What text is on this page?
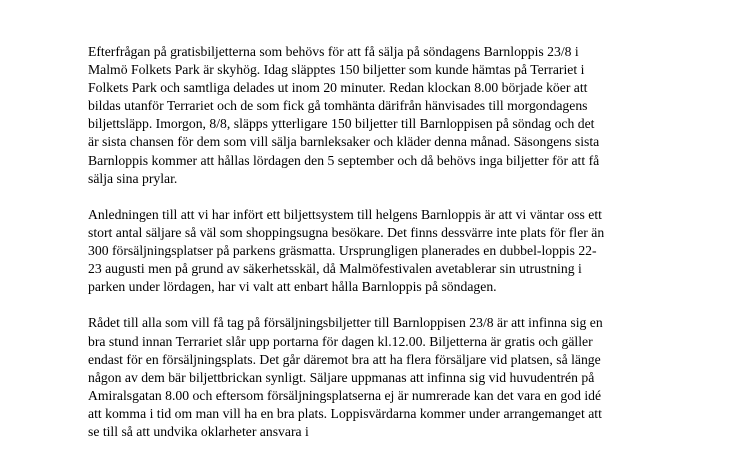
Efterfrågan på gratisbiljetterna som behövs för att få sälja på söndagens Barnloppis 23/8 i
Malmö Folkets Park är skyhög. Idag släpptes 150 biljetter som kunde hämtas på Terrariet i
Folkets Park och samtliga delades ut inom 20 minuter. Redan klockan 8.00 började köer att
bildas utanför Terrariet och de som fick gå tomhänta därifrån hänvisades till morgondagens
biljettsläpp. Imorgon, 8/8, släpps ytterligare 150 biljetter till Barnloppisen på söndag och det
är sista chansen för dem som vill sälja barnleksaker och kläder denna månad. Säsongens sista
Barnloppis kommer att hållas lördagen den 5 september och då behövs inga biljetter för att få
sälja sina prylar.

Anledningen till att vi har infört ett biljettsystem till helgens Barnloppis är att vi väntar oss ett
stort antal säljare så väl som shoppingsugna besökare. Det finns dessvärre inte plats för fler än
300 försäljningsplatser på parkens gräsmatta. Ursprungligen planerades en dubbel-loppis 22-
23 augusti men på grund av säkerhetsskäl, då Malmöfestivalen avetablerar sin utrustning i
parken under lördagen, har vi valt att enbart hålla Barnloppis på söndagen.

Rådet till alla som vill få tag på försäljningsbiljetter till Barnloppisen 23/8 är att infinna sig en
bra stund innan Terrariet slår upp portarna för dagen kl.12.00. Biljetterna är gratis och gäller
endast för en försäljningsplats. Det går däremot bra att ha flera försäljare vid platsen, så länge
någon av dem bär biljettbrickan synligt. Säljare uppmanas att infinna sig vid huvudentrén på
Amiralsgatan 8.00 och eftersom försäljningsplatserna ej är numrerade kan det vara en god idé
att komma i tid om man vill ha en bra plats. Loppisvärdarna kommer under arrangemanget att
se till så att undvika oklarheter ansvara i
